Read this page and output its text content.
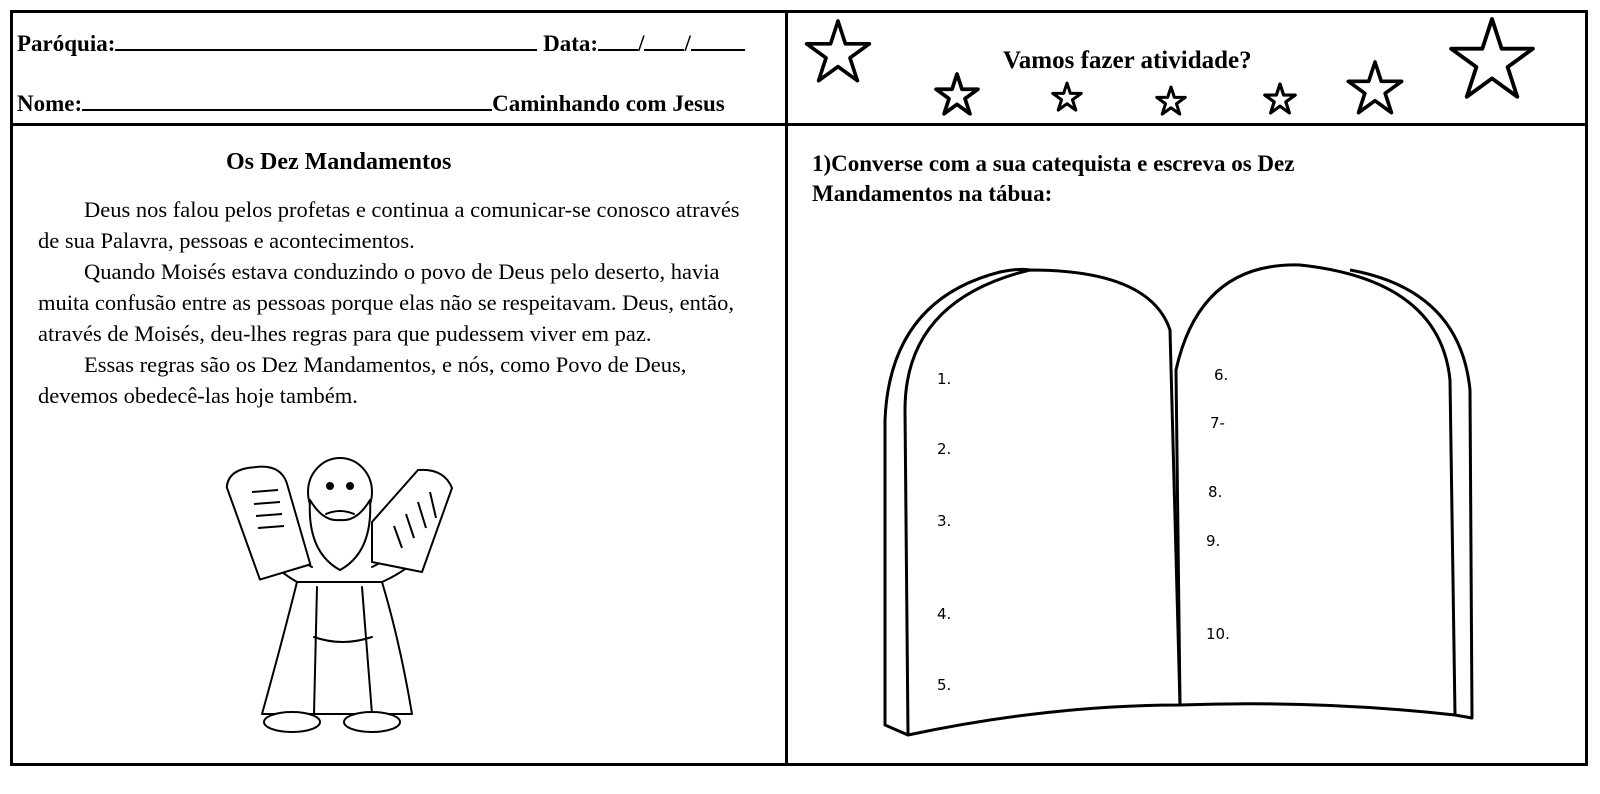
Paróquia:	Data: / /
Nome:	Caminhando com Jesus
Vamos fazer atividade?
Os Dez Mandamentos

Deus nos falou pelos profetas e continua a comunicar-se conosco através de sua Palavra, pessoas e acontecimentos.

Quando Moisés estava conduzindo o povo de Deus pelo deserto, havia muita confusão entre as pessoas porque elas não se respeitavam. Deus, então, através de Moisés, deu-lhes regras para que pudessem viver em paz.

Essas regras são os Dez Mandamentos, e nós, como Povo de Deus, devemos obedecê-las hoje também.

1)Converse com a sua catequista e escreva os Dez Mandamentos na tábua:
1.
2.
3.
4.
5.
6.
7-
8.
9.
10.
